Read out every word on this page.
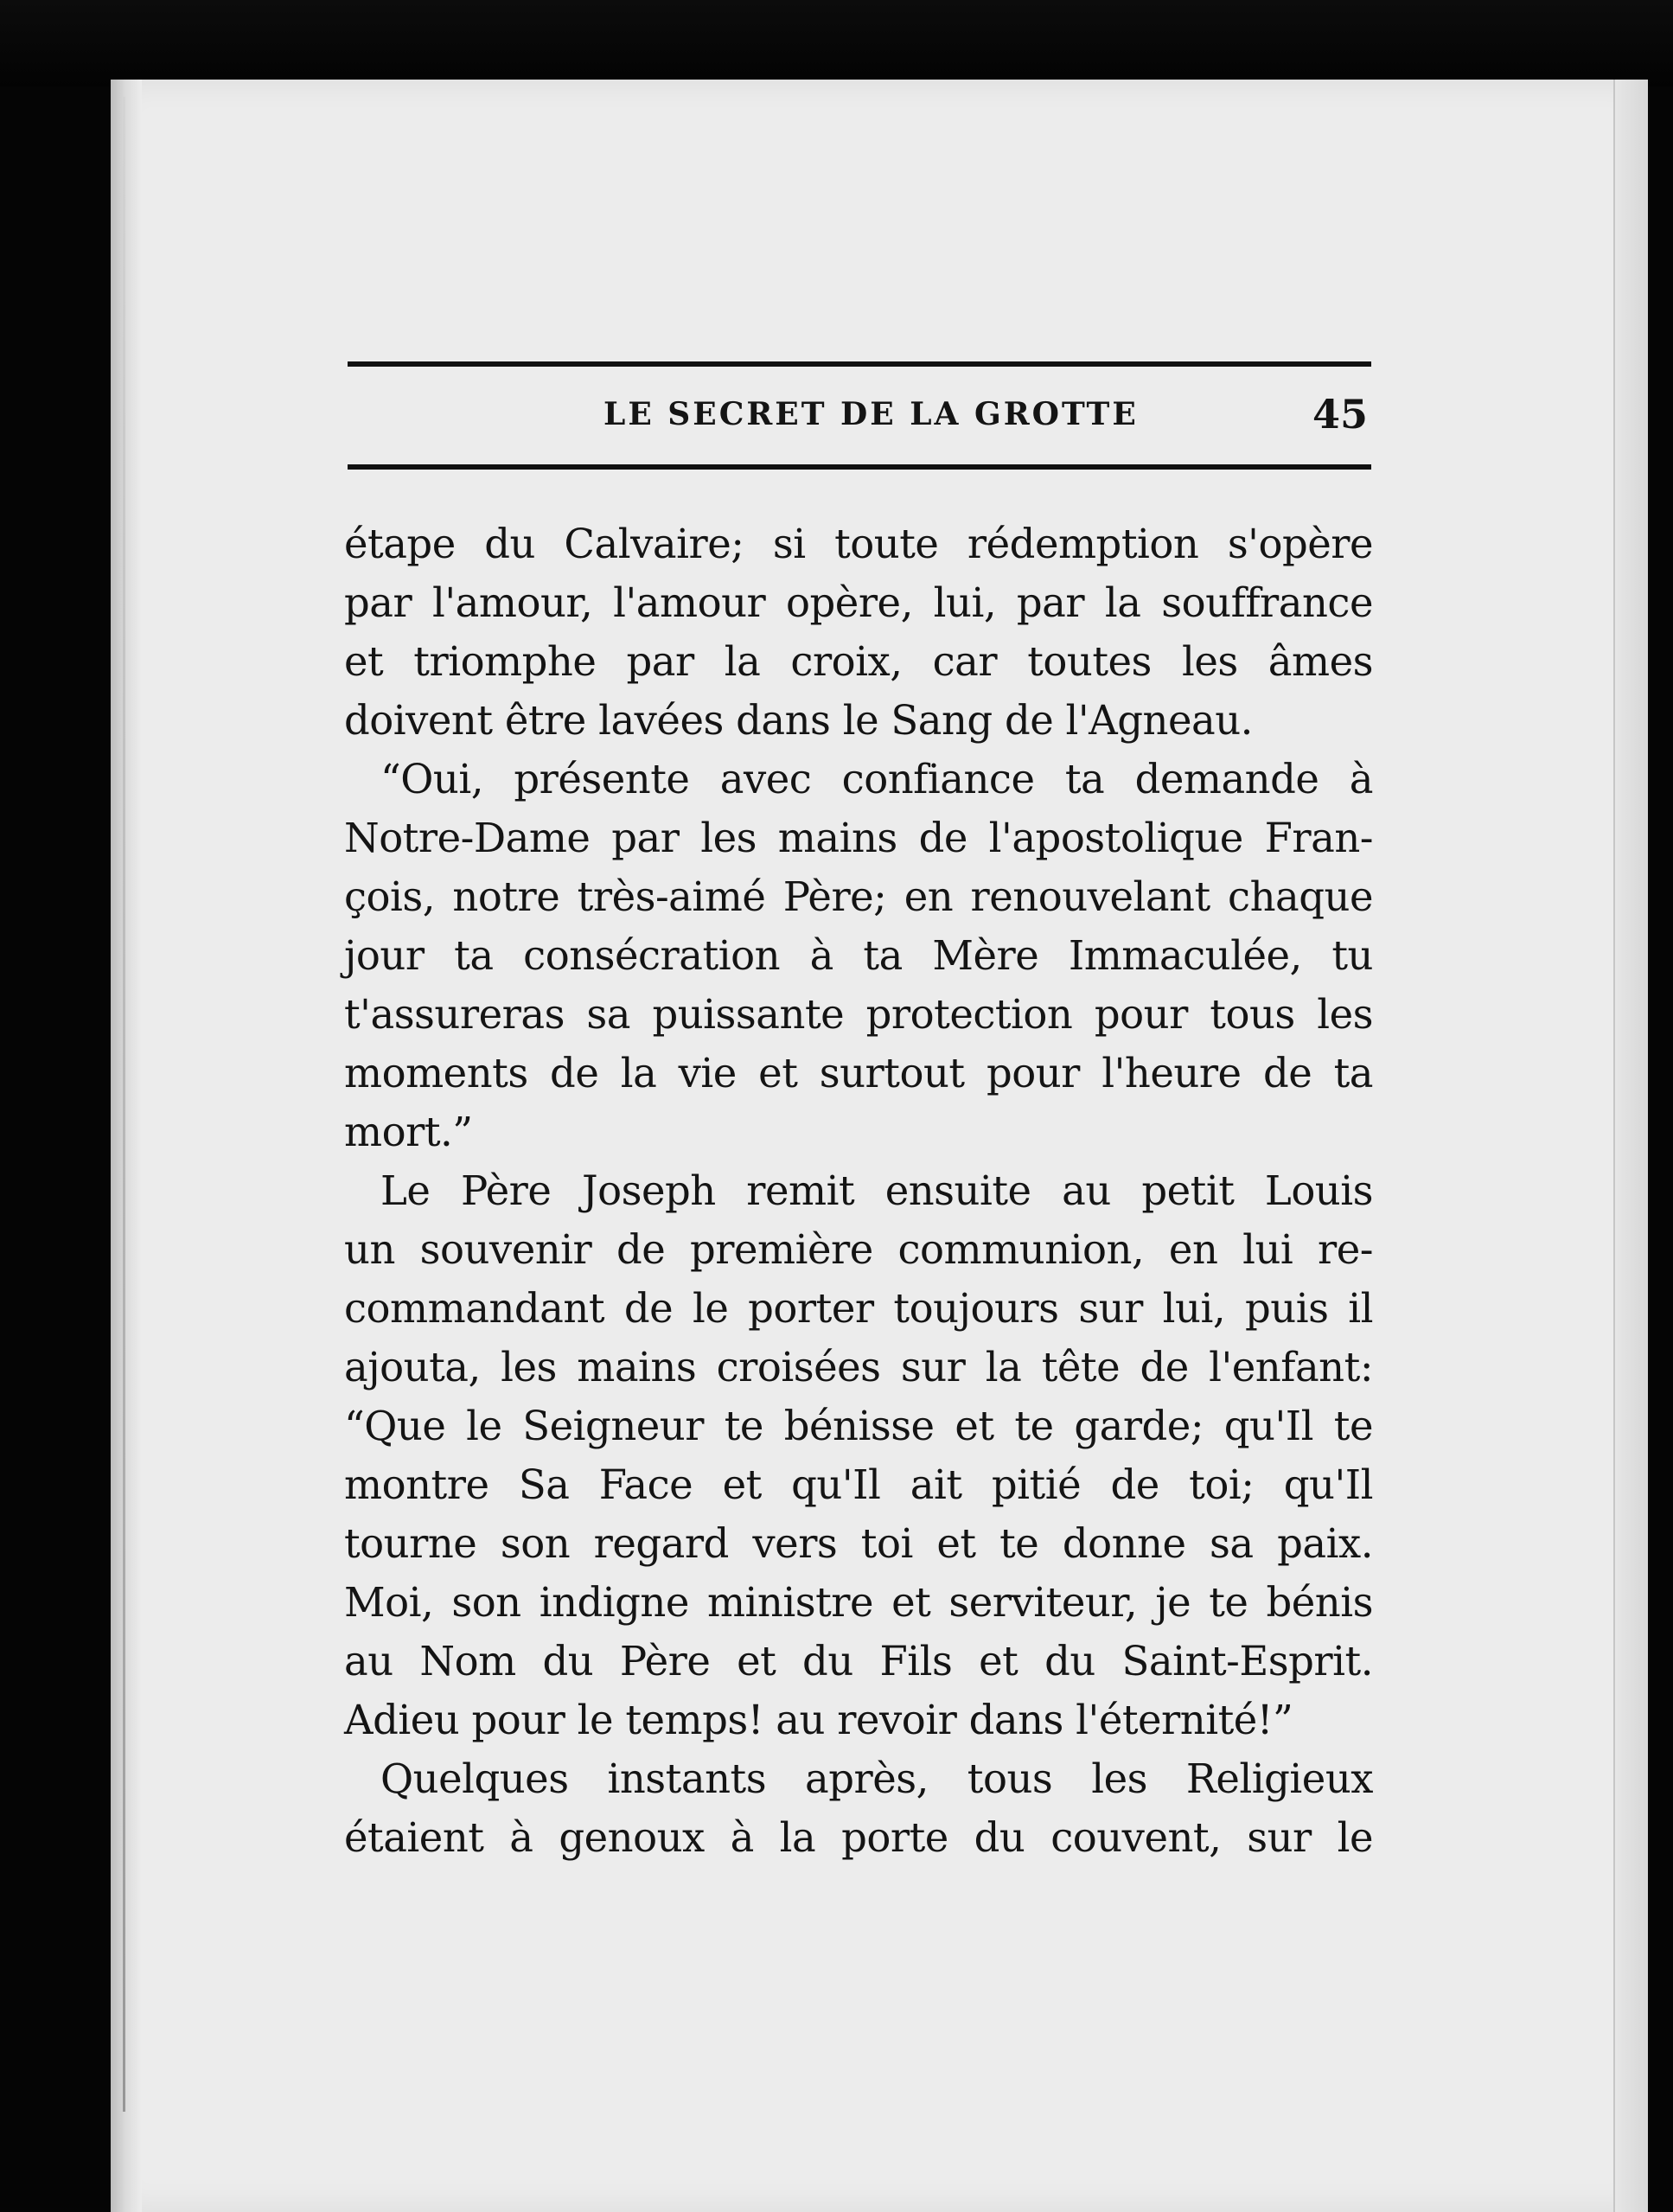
LE SECRET DE LA GROTTE	45
étape du Calvaire; si toute rédemption s'opère
par l'amour, l'amour opère, lui, par la souffrance
et triomphe par la croix, car toutes les âmes
doivent être lavées dans le Sang de l'Agneau.
“Oui, présente avec confiance ta demande à
Notre-Dame par les mains de l'apostolique Fran-
çois, notre très-aimé Père; en renouvelant chaque
jour ta consécration à ta Mère Immaculée, tu
t'assureras sa puissante protection pour tous les
moments de la vie et surtout pour l'heure de ta
mort.”
Le Père Joseph remit ensuite au petit Louis
un souvenir de première communion, en lui re-
commandant de le porter toujours sur lui, puis il
ajouta, les mains croisées sur la tête de l'enfant:
“Que le Seigneur te bénisse et te garde; qu'Il te
montre Sa Face et qu'Il ait pitié de toi; qu'Il
tourne son regard vers toi et te donne sa paix.
Moi, son indigne ministre et serviteur, je te bénis
au Nom du Père et du Fils et du Saint-Esprit.
Adieu pour le temps! au revoir dans l'éternité!”
Quelques instants après, tous les Religieux
étaient à genoux à la porte du couvent, sur le
